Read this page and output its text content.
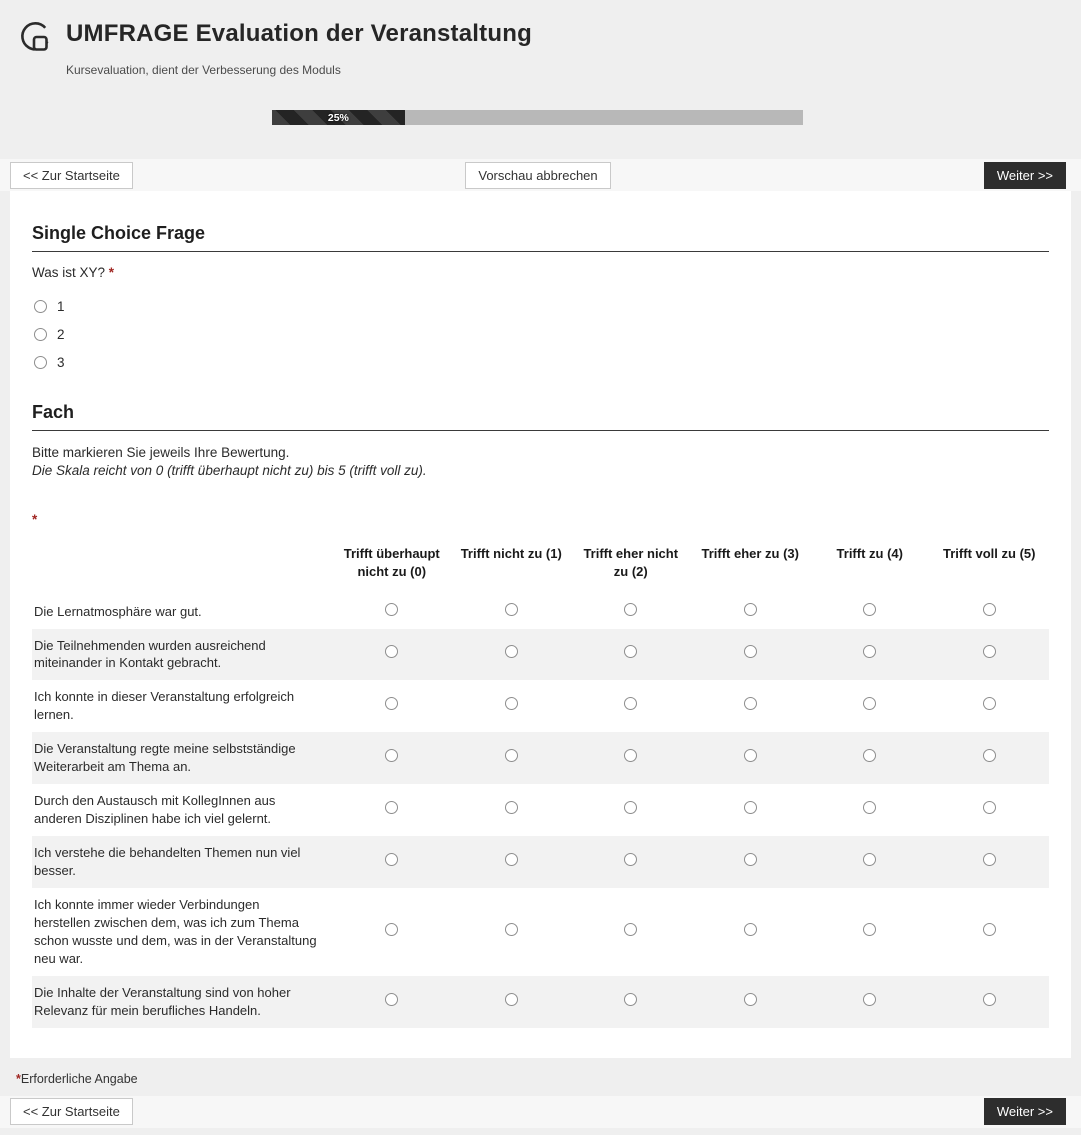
UMFRAGE Evaluation der Veranstaltung
Kursevaluation, dient der Verbesserung des Moduls
25%
<< Zur Startseite	Vorschau abbrechen	Weiter >>
Single Choice Frage
Was ist XY? *
1
2
3
Fach
Bitte markieren Sie jeweils Ihre Bewertung.
Die Skala reicht von 0 (trifft überhaupt nicht zu) bis 5 (trifft voll zu).
*
	Trifft überhaupt nicht zu (0)	Trifft nicht zu (1)	Trifft eher nicht zu (2)	Trifft eher zu (3)	Trifft zu (4)	Trifft voll zu (5)
Die Lernatmosphäre war gut.						
Die Teilnehmenden wurden ausreichend miteinander in Kontakt gebracht.						
Ich konnte in dieser Veranstaltung erfolgreich lernen.						
Die Veranstaltung regte meine selbstständige Weiterarbeit am Thema an.						
Durch den Austausch mit KollegInnen aus anderen Disziplinen habe ich viel gelernt.						
Ich verstehe die behandelten Themen nun viel besser.						
Ich konnte immer wieder Verbindungen herstellen zwischen dem, was ich zum Thema schon wusste und dem, was in der Veranstaltung neu war.						
Die Inhalte der Veranstaltung sind von hoher Relevanz für mein berufliches Handeln.						
*Erforderliche Angabe
<< Zur Startseite	Weiter >>
